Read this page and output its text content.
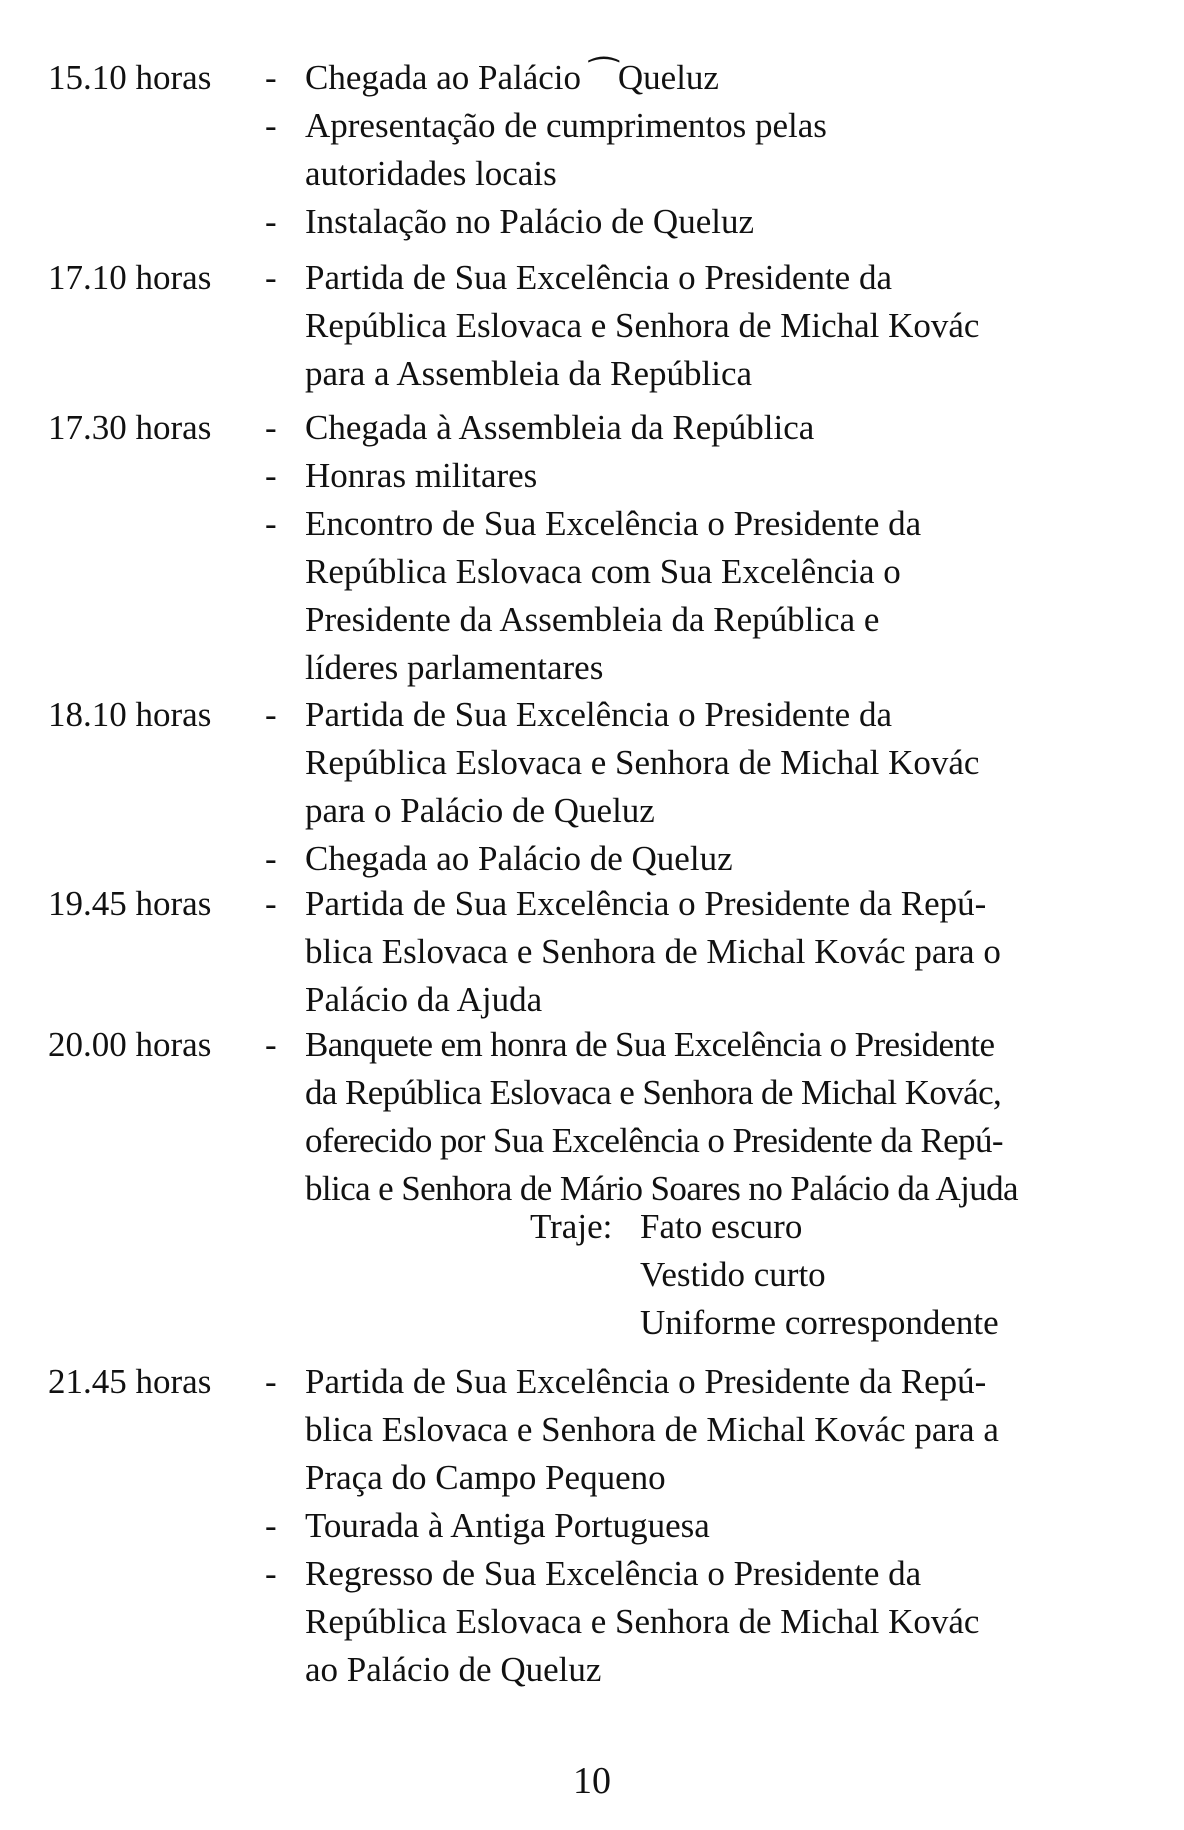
15.10 horas	- Chegada ao Palácio ⁀Queluz
- Apresentação de cumprimentos pelas
autoridades locais
- Instalação no Palácio de Queluz
17.10 horas	- Partida de Sua Excelência o Presidente da
República Eslovaca e Senhora de Michal Kovác
para a Assembleia da República
17.30 horas	- Chegada à Assembleia da República
- Honras militares
- Encontro de Sua Excelência o Presidente da
República Eslovaca com Sua Excelência o
Presidente da Assembleia da República e
líderes parlamentares
18.10 horas	- Partida de Sua Excelência o Presidente da
República Eslovaca e Senhora de Michal Kovác
para o Palácio de Queluz
- Chegada ao Palácio de Queluz
19.45 horas	- Partida de Sua Excelência o Presidente da Repú-
blica Eslovaca e Senhora de Michal Kovác para o
Palácio da Ajuda
20.00 horas	- Banquete em honra de Sua Excelência o Presidente
da República Eslovaca e Senhora de Michal Kovác,
oferecido por Sua Excelência o Presidente da Repú-
blica e Senhora de Mário Soares no Palácio da Ajuda
Traje: Fato escuro
Vestido curto
Uniforme correspondente
21.45 horas	- Partida de Sua Excelência o Presidente da Repú-
blica Eslovaca e Senhora de Michal Kovác para a
Praça do Campo Pequeno
- Tourada à Antiga Portuguesa
- Regresso de Sua Excelência o Presidente da
República Eslovaca e Senhora de Michal Kovác
ao Palácio de Queluz
10
